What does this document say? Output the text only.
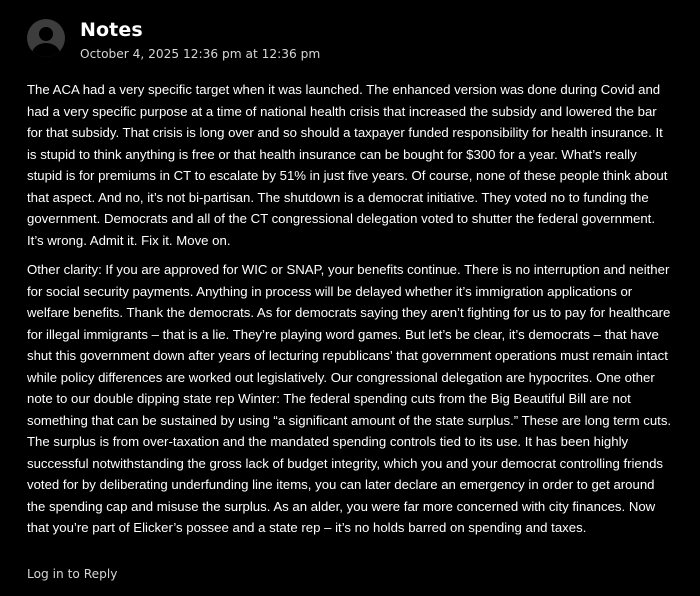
Notes
October 4, 2025 12:36 pm at 12:36 pm

The ACA had a very specific target when it was launched. The enhanced version was done during Covid and had a very specific purpose at a time of national health crisis that increased the subsidy and lowered the bar for that subsidy. That crisis is long over and so should a taxpayer funded responsibility for health insurance. It is stupid to think anything is free or that health insurance can be bought for $300 for a year. What’s really stupid is for premiums in CT to escalate by 51% in just five years. Of course, none of these people think about that aspect. And no, it’s not bi-partisan. The shutdown is a democrat initiative. They voted no to funding the government. Democrats and all of the CT congressional delegation voted to shutter the federal government. It’s wrong. Admit it. Fix it. Move on.

Other clarity: If you are approved for WIC or SNAP, your benefits continue. There is no interruption and neither for social security payments. Anything in process will be delayed whether it’s immigration applications or welfare benefits. Thank the democrats. As for democrats saying they aren’t fighting for us to pay for healthcare for illegal immigrants – that is a lie. They’re playing word games. But let’s be clear, it’s democrats – that have shut this government down after years of lecturing republicans’ that government operations must remain intact while policy differences are worked out legislatively. Our congressional delegation are hypocrites. One other note to our double dipping state rep Winter: The federal spending cuts from the Big Beautiful Bill are not something that can be sustained by using “a significant amount of the state surplus.” These are long term cuts. The surplus is from over-taxation and the mandated spending controls tied to its use. It has been highly successful notwithstanding the gross lack of budget integrity, which you and your democrat controlling friends voted for by deliberating underfunding line items, you can later declare an emergency in order to get around the spending cap and misuse the surplus. As an alder, you were far more concerned with city finances. Now that you’re part of Elicker’s possee and a state rep – it’s no holds barred on spending and taxes.

Log in to Reply
